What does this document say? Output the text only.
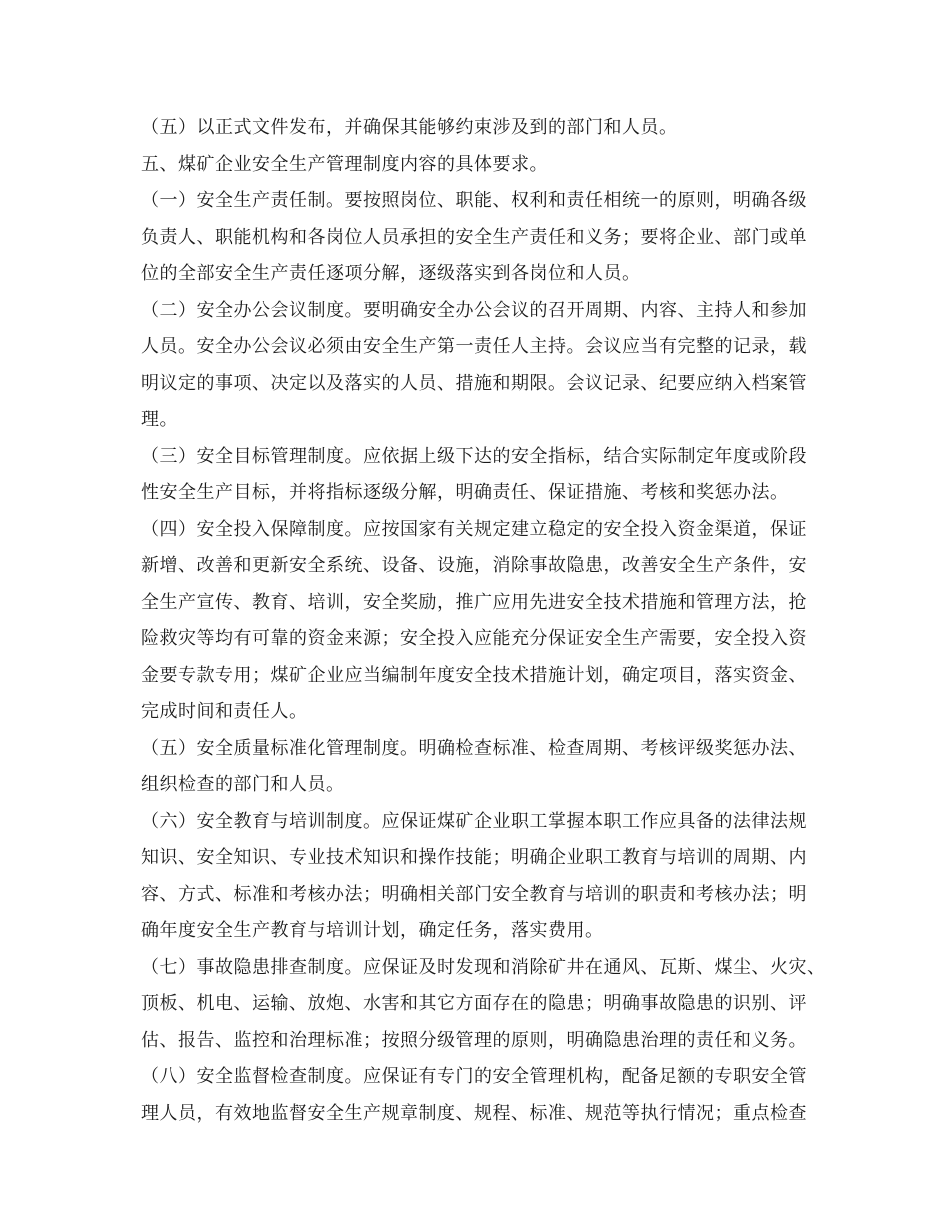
（五）以正式文件发布，并确保其能够约束涉及到的部门和人员。
五、煤矿企业安全生产管理制度内容的具体要求。
（一）安全生产责任制。要按照岗位、职能、权利和责任相统一的原则，明确各级
负责人、职能机构和各岗位人员承担的安全生产责任和义务；要将企业、部门或单
位的全部安全生产责任逐项分解，逐级落实到各岗位和人员。
（二）安全办公会议制度。要明确安全办公会议的召开周期、内容、主持人和参加
人员。安全办公会议必须由安全生产第一责任人主持。会议应当有完整的记录，载
明议定的事项、决定以及落实的人员、措施和期限。会议记录、纪要应纳入档案管
理。
（三）安全目标管理制度。应依据上级下达的安全指标，结合实际制定年度或阶段
性安全生产目标，并将指标逐级分解，明确责任、保证措施、考核和奖惩办法。
（四）安全投入保障制度。应按国家有关规定建立稳定的安全投入资金渠道，保证
新增、改善和更新安全系统、设备、设施，消除事故隐患，改善安全生产条件，安
全生产宣传、教育、培训，安全奖励，推广应用先进安全技术措施和管理方法，抢
险救灾等均有可靠的资金来源；安全投入应能充分保证安全生产需要，安全投入资
金要专款专用；煤矿企业应当编制年度安全技术措施计划，确定项目，落实资金、
完成时间和责任人。
（五）安全质量标准化管理制度。明确检查标准、检查周期、考核评级奖惩办法、
组织检查的部门和人员。
（六）安全教育与培训制度。应保证煤矿企业职工掌握本职工作应具备的法律法规
知识、安全知识、专业技术知识和操作技能；明确企业职工教育与培训的周期、内
容、方式、标准和考核办法；明确相关部门安全教育与培训的职责和考核办法；明
确年度安全生产教育与培训计划，确定任务，落实费用。
（七）事故隐患排查制度。应保证及时发现和消除矿井在通风、瓦斯、煤尘、火灾、
顶板、机电、运输、放炮、水害和其它方面存在的隐患；明确事故隐患的识别、评
估、报告、监控和治理标准；按照分级管理的原则，明确隐患治理的责任和义务。
（八）安全监督检查制度。应保证有专门的安全管理机构，配备足额的专职安全管
理人员，有效地监督安全生产规章制度、规程、标准、规范等执行情况；重点检查
